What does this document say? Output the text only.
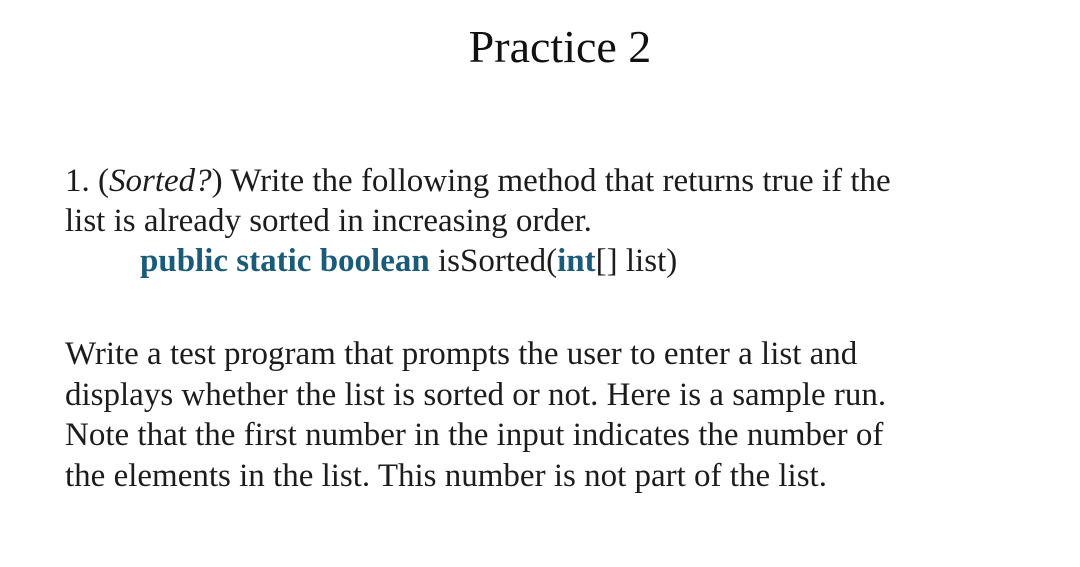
Practice 2
1. (Sorted?) Write the following method that returns true if the
list is already sorted in increasing order.
public static boolean isSorted(int[] list)
Write a test program that prompts the user to enter a list and
displays whether the list is sorted or not. Here is a sample run.
Note that the first number in the input indicates the number of
the elements in the list. This number is not part of the list.
